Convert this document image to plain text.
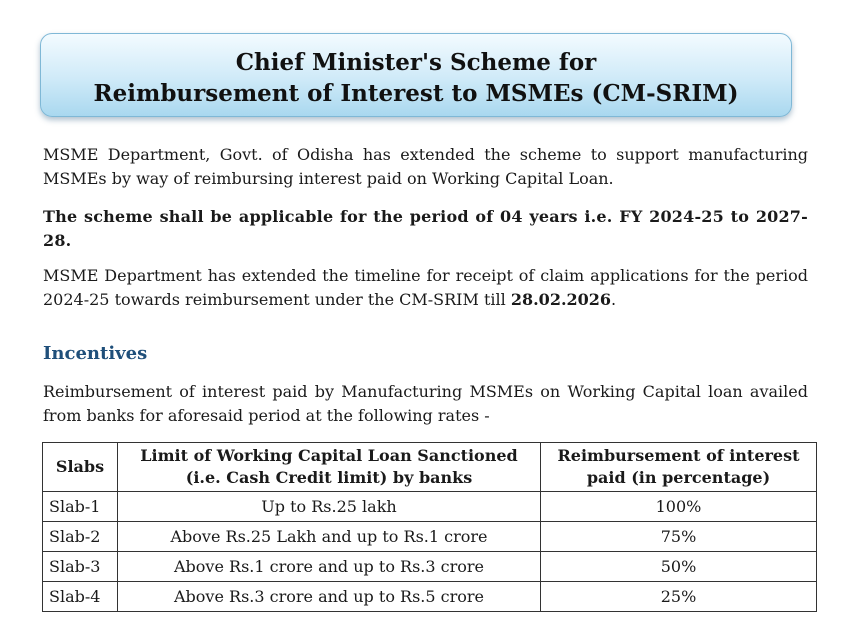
Chief Minister's Scheme for
Reimbursement of Interest to MSMEs (CM-SRIM)

MSME Department, Govt. of Odisha has extended the scheme to support manufacturing MSMEs by way of reimbursing interest paid on Working Capital Loan.

The scheme shall be applicable for the period of 04 years i.e. FY 2024-25 to 2027-28.

MSME Department has extended the timeline for receipt of claim applications for the period 2024-25 towards reimbursement under the CM-SRIM till 28.02.2026.

Incentives

Reimbursement of interest paid by Manufacturing MSMEs on Working Capital loan availed from banks for aforesaid period at the following rates -

Slabs	Limit of Working Capital Loan Sanctioned (i.e. Cash Credit limit) by banks	Reimbursement of interest paid (in percentage)
Slab-1	Up to Rs.25 lakh	100%
Slab-2	Above Rs.25 Lakh and up to Rs.1 crore	75%
Slab-3	Above Rs.1 crore and up to Rs.3 crore	50%
Slab-4	Above Rs.3 crore and up to Rs.5 crore	25%
